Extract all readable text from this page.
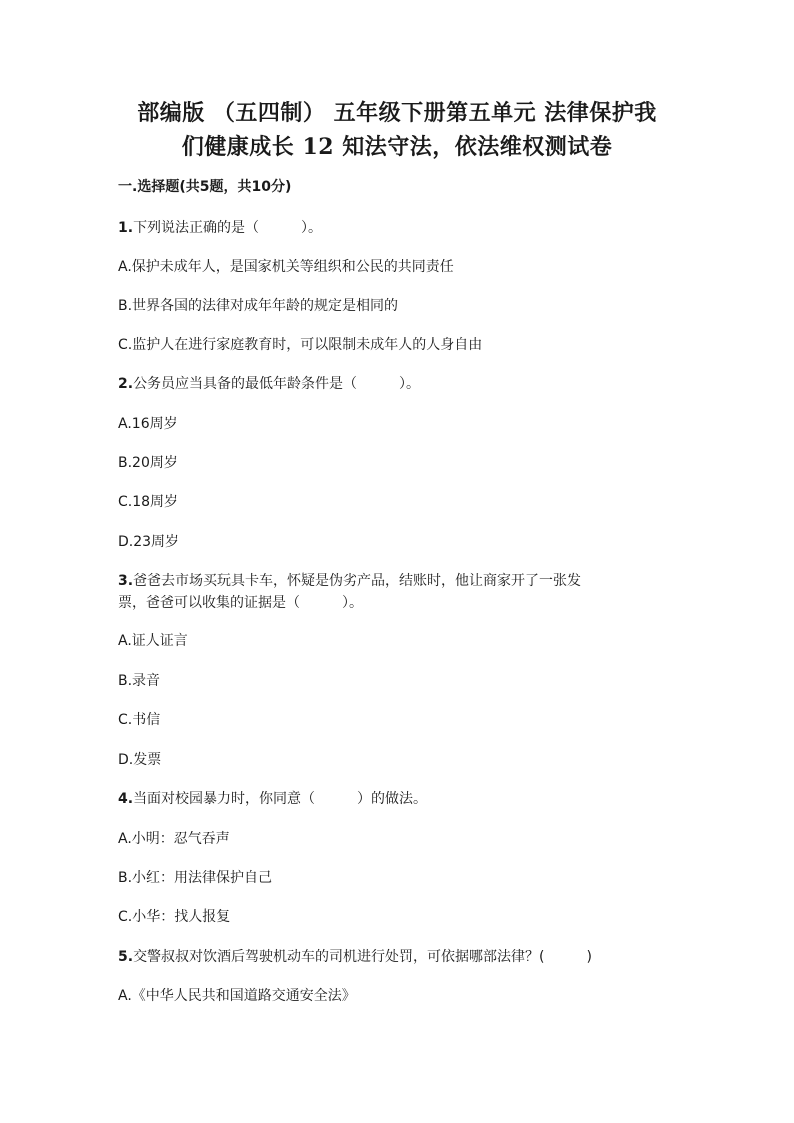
部编版 （五四制） 五年级下册第五单元 法律保护我
们健康成长 12 知法守法，依法维权测试卷
一.选择题(共5题，共10分)
1.下列说法正确的是（　　　）。
A.保护未成年人，是国家机关等组织和公民的共同责任
B.世界各国的法律对成年年龄的规定是相同的
C.监护人在进行家庭教育时，可以限制未成年人的人身自由
2.公务员应当具备的最低年龄条件是（　　　）。
A.16周岁
B.20周岁
C.18周岁
D.23周岁
3.爸爸去市场买玩具卡车，怀疑是伪劣产品，结账时，他让商家开了一张发
票，爸爸可以收集的证据是（　　　）。
A.证人证言
B.录音
C.书信
D.发票
4.当面对校园暴力时，你同意（　　　）的做法。
A.小明：忍气吞声
B.小红：用法律保护自己
C.小华：找人报复
5.交警叔叔对饮酒后驾驶机动车的司机进行处罚，可依据哪部法律？(　　　)
A.《中华人民共和国道路交通安全法》
